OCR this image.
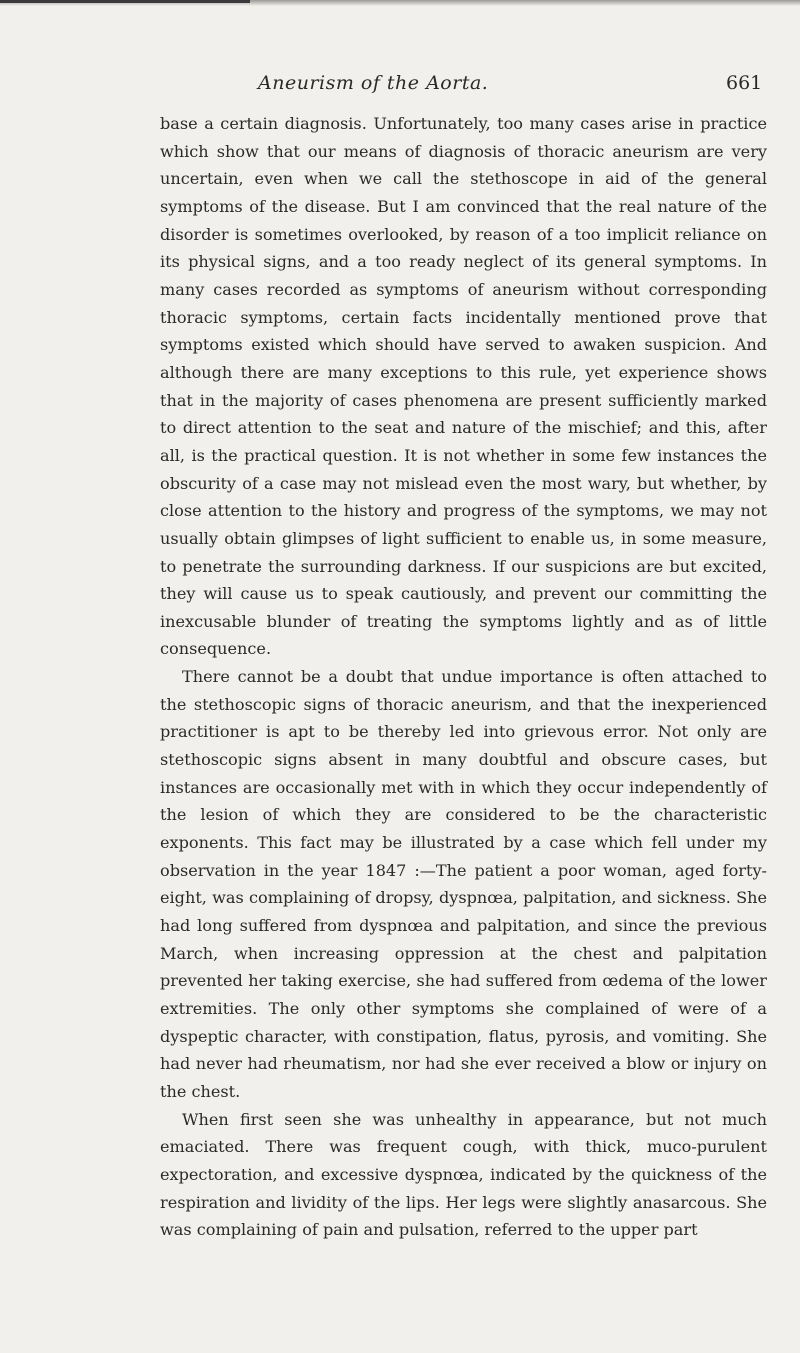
Aneurism of the Aorta.	661

base a certain diagnosis. Unfortunately, too many cases arise in practice which show that our means of diagnosis of thoracic aneurism are very uncertain, even when we call the stethoscope in aid of the general symptoms of the disease. But I am convinced that the real nature of the disorder is sometimes overlooked, by reason of a too implicit reliance on its physical signs, and a too ready neglect of its general symptoms. In many cases recorded as symptoms of aneurism without corresponding thoracic symptoms, certain facts incidentally mentioned prove that symptoms existed which should have served to awaken suspicion. And although there are many exceptions to this rule, yet experience shows that in the majority of cases phenomena are present sufficiently marked to direct attention to the seat and nature of the mischief; and this, after all, is the practical question. It is not whether in some few instances the obscurity of a case may not mislead even the most wary, but whether, by close attention to the history and progress of the symptoms, we may not usually obtain glimpses of light sufficient to enable us, in some measure, to penetrate the surrounding darkness. If our suspicions are but excited, they will cause us to speak cautiously, and prevent our committing the inexcusable blunder of treating the symptoms lightly and as of little consequence.

There cannot be a doubt that undue importance is often attached to the stethoscopic signs of thoracic aneurism, and that the inexperienced practitioner is apt to be thereby led into grievous error. Not only are stethoscopic signs absent in many doubtful and obscure cases, but instances are occasionally met with in which they occur independently of the lesion of which they are considered to be the characteristic exponents. This fact may be illustrated by a case which fell under my observation in the year 1847 :—The patient a poor woman, aged forty-eight, was complaining of dropsy, dyspnœa, palpitation, and sickness. She had long suffered from dyspnœa and palpitation, and since the previous March, when increasing oppression at the chest and palpitation prevented her taking exercise, she had suffered from œdema of the lower extremities. The only other symptoms she complained of were of a dyspeptic character, with constipation, flatus, pyrosis, and vomiting. She had never had rheumatism, nor had she ever received a blow or injury on the chest.

When first seen she was unhealthy in appearance, but not much emaciated. There was frequent cough, with thick, muco-purulent expectoration, and excessive dyspnœa, indicated by the quickness of the respiration and lividity of the lips. Her legs were slightly anasarcous. She was complaining of pain and pulsation, referred to the upper part
